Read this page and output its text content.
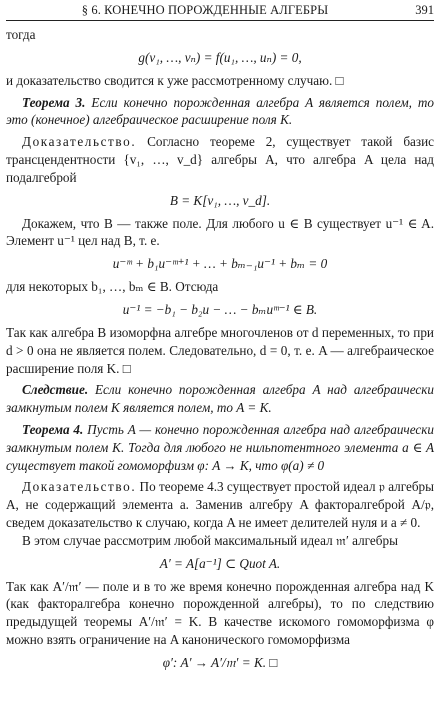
§ 6. КОНЕЧНО ПОРОЖДЕННЫЕ АЛГЕБРЫ	391

тогда

g(v₁, …, vₙ) = f(u₁, …, uₙ) = 0,

и доказательство сводится к уже рассмотренному случаю. □

Теорема 3. Если конечно порожденная алгебра A является полем, то это (конечное) алгебраическое расширение поля K.

Доказательство. Согласно теореме 2, существует такой базис трансцендентности {v₁, …, v_d} алгебры A, что алгебра A цела над подалгеброй

B = K[v₁, …, v_d].

Докажем, что B — также поле. Для любого u ∈ B существует u⁻¹ ∈ A. Элемент u⁻¹ цел над B, т. е.

u⁻ᵐ + b₁u⁻ᵐ⁺¹ + … + bₘ₋₁u⁻¹ + bₘ = 0

для некоторых b₁, …, bₘ ∈ B. Отсюда

u⁻¹ = −b₁ − b₂u − … − bₘuᵐ⁻¹ ∈ B.

Так как алгебра B изоморфна алгебре многочленов от d переменных, то при d > 0 она не является полем. Следовательно, d = 0, т. е. A — алгебраическое расширение поля K. □

Следствие. Если конечно порожденная алгебра A над алгебраически замкнутым полем K является полем, то A = K.

Теорема 4. Пусть A — конечно порожденная алгебра над алгебраически замкнутым полем K. Тогда для любого не нильпотентного элемента a ∈ A существует такой гомоморфизм φ: A → K, что φ(a) ≠ 0

Доказательство. По теореме 4.3 существует простой идеал 𝔭 алгебры A, не содержащий элемента a. Заменив алгебру A факторалгеброй A/𝔭, сведем доказательство к случаю, когда A не имеет делителей нуля и a ≠ 0.

В этом случае рассмотрим любой максимальный идеал 𝔪′ алгебры

A′ = A[a⁻¹] ⊂ Quot A.

Так как A′/𝔪′ — поле и в то же время конечно порожденная алгебра над K (как факторалгебра конечно порожденной алгебры), то по следствию предыдущей теоремы A′/𝔪′ = K. В качестве искомого гомоморфизма φ можно взять ограничение на A канонического гомоморфизма

φ′: A′ → A′/𝔪′ = K. □
